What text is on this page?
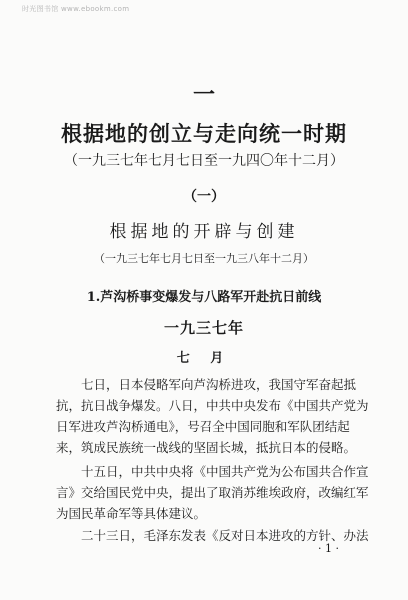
时光图书馆 www.ebookm.com
一
根据地的创立与走向统一时期
（一九三七年七月七日至一九四〇年十二月）
（一）
根据地的开辟与创建
（一九三七年七月七日至一九三八年十二月）
1.芦沟桥事变爆发与八路军开赴抗日前线
一九三七年
七 月
七日，日本侵略军向芦沟桥进攻，我国守军奋起抵
抗，抗日战争爆发。八日，中共中央发布《中国共产党为
日军进攻芦沟桥通电》，号召全中国同胞和军队团结起
来，筑成民族统一战线的坚固长城，抵抗日本的侵略。
十五日，中共中央将《中国共产党为公布国共合作宣
言》交给国民党中央，提出了取消苏维埃政府，改编红军
为国民革命军等具体建议。
· 1 ·
二十三日，毛泽东发表《反对日本进攻的方针、办法
